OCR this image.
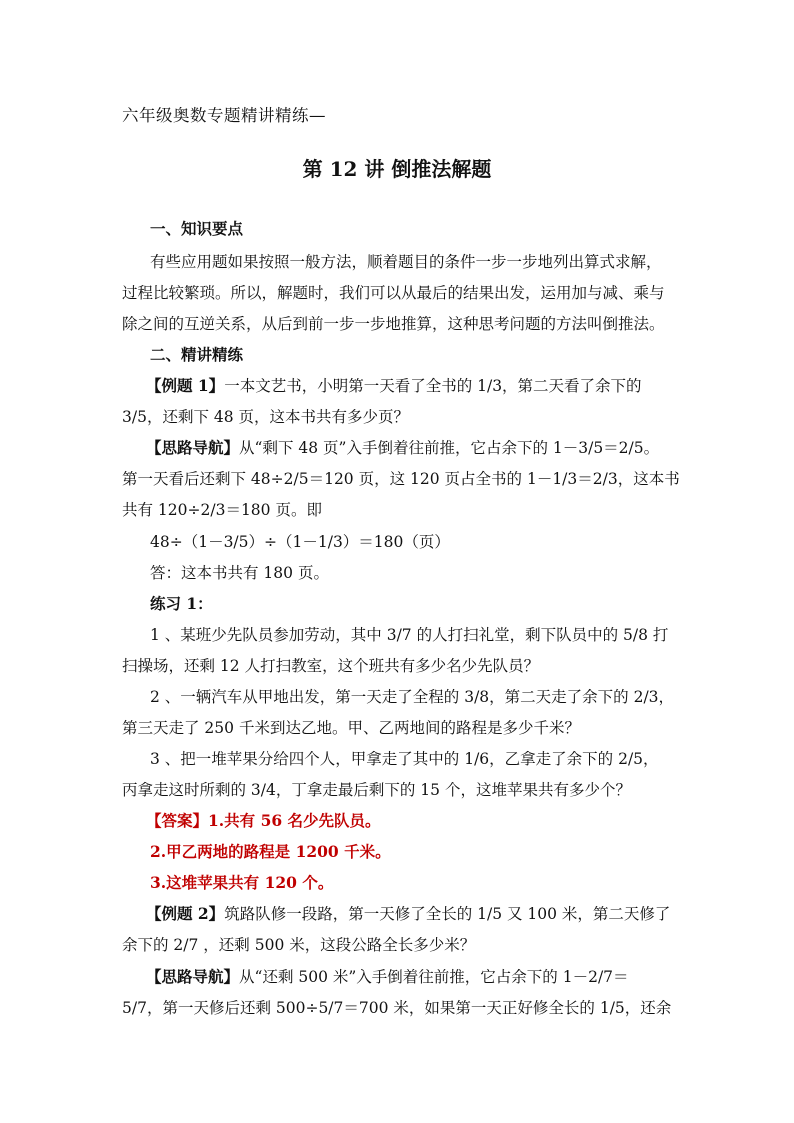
六年级奥数专题精讲精练—
第 12 讲 倒推法解题
一、知识要点
有些应用题如果按照一般方法，顺着题目的条件一步一步地列出算式求解，
过程比较繁琐。所以，解题时，我们可以从最后的结果出发，运用加与减、乘与
除之间的互逆关系，从后到前一步一步地推算，这种思考问题的方法叫倒推法。
二、精讲精练
【例题 1】一本文艺书，小明第一天看了全书的 1/3，第二天看了余下的
3/5，还剩下 48 页，这本书共有多少页？
【思路导航】从“剩下 48 页”入手倒着往前推，它占余下的 1－3/5＝2/5。
第一天看后还剩下 48÷2/5＝120 页，这 120 页占全书的 1－1/3＝2/3，这本书
共有 120÷2/3＝180 页。即
48÷（1－3/5）÷（1－1/3）＝180（页）
答：这本书共有 180 页。
练习 1：
1 、某班少先队员参加劳动，其中 3/7 的人打扫礼堂，剩下队员中的 5/8 打
扫操场，还剩 12 人打扫教室，这个班共有多少名少先队员？
2 、一辆汽车从甲地出发，第一天走了全程的 3/8，第二天走了余下的 2/3，
第三天走了 250 千米到达乙地。甲、乙两地间的路程是多少千米？
3 、把一堆苹果分给四个人，甲拿走了其中的 1/6，乙拿走了余下的 2/5，
丙拿走这时所剩的 3/4，丁拿走最后剩下的 15 个，这堆苹果共有多少个？
【答案】1.共有 56 名少先队员。
2.甲乙两地的路程是 1200 千米。
3.这堆苹果共有 120 个。
【例题 2】筑路队修一段路，第一天修了全长的 1/5 又 100 米，第二天修了
余下的 2/7 ，还剩 500 米，这段公路全长多少米？
【思路导航】从“还剩 500 米”入手倒着往前推，它占余下的 1－2/7＝
5/7，第一天修后还剩 500÷5/7＝700 米，如果第一天正好修全长的 1/5，还余
